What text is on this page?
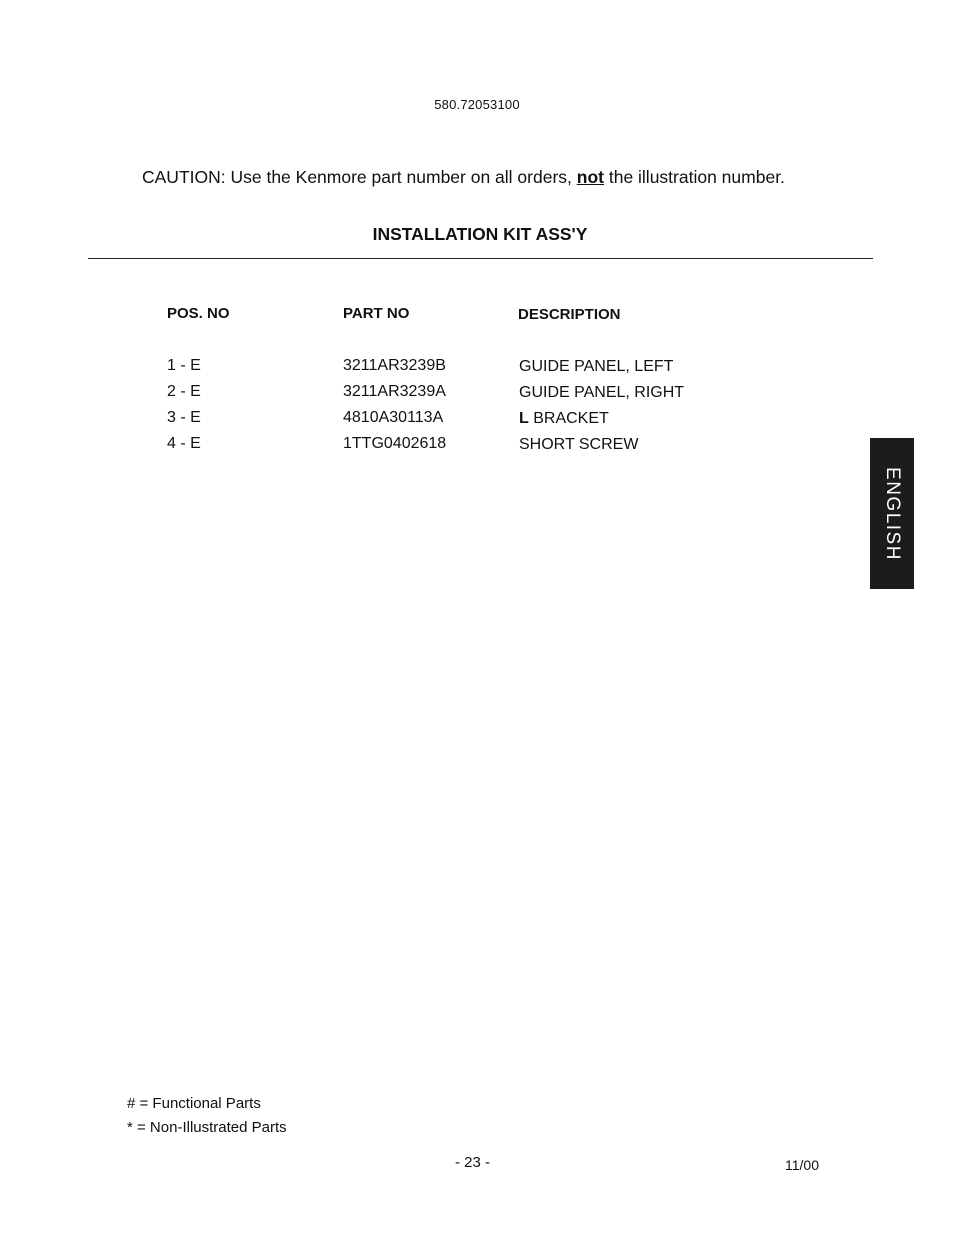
580.72053100
CAUTION: Use the Kenmore part number on all orders, not the illustration number.
INSTALLATION KIT ASS'Y
POS. NO	PART NO	DESCRIPTION
1 - E	3211AR3239B	GUIDE PANEL, LEFT
2 - E	3211AR3239A	GUIDE PANEL, RIGHT
3 - E	4810A30113A	L BRACKET
4 - E	1TTG0402618	SHORT SCREW
ENGLISH
# = Functional Parts
* = Non-Illustrated Parts
- 23 -	11/00
